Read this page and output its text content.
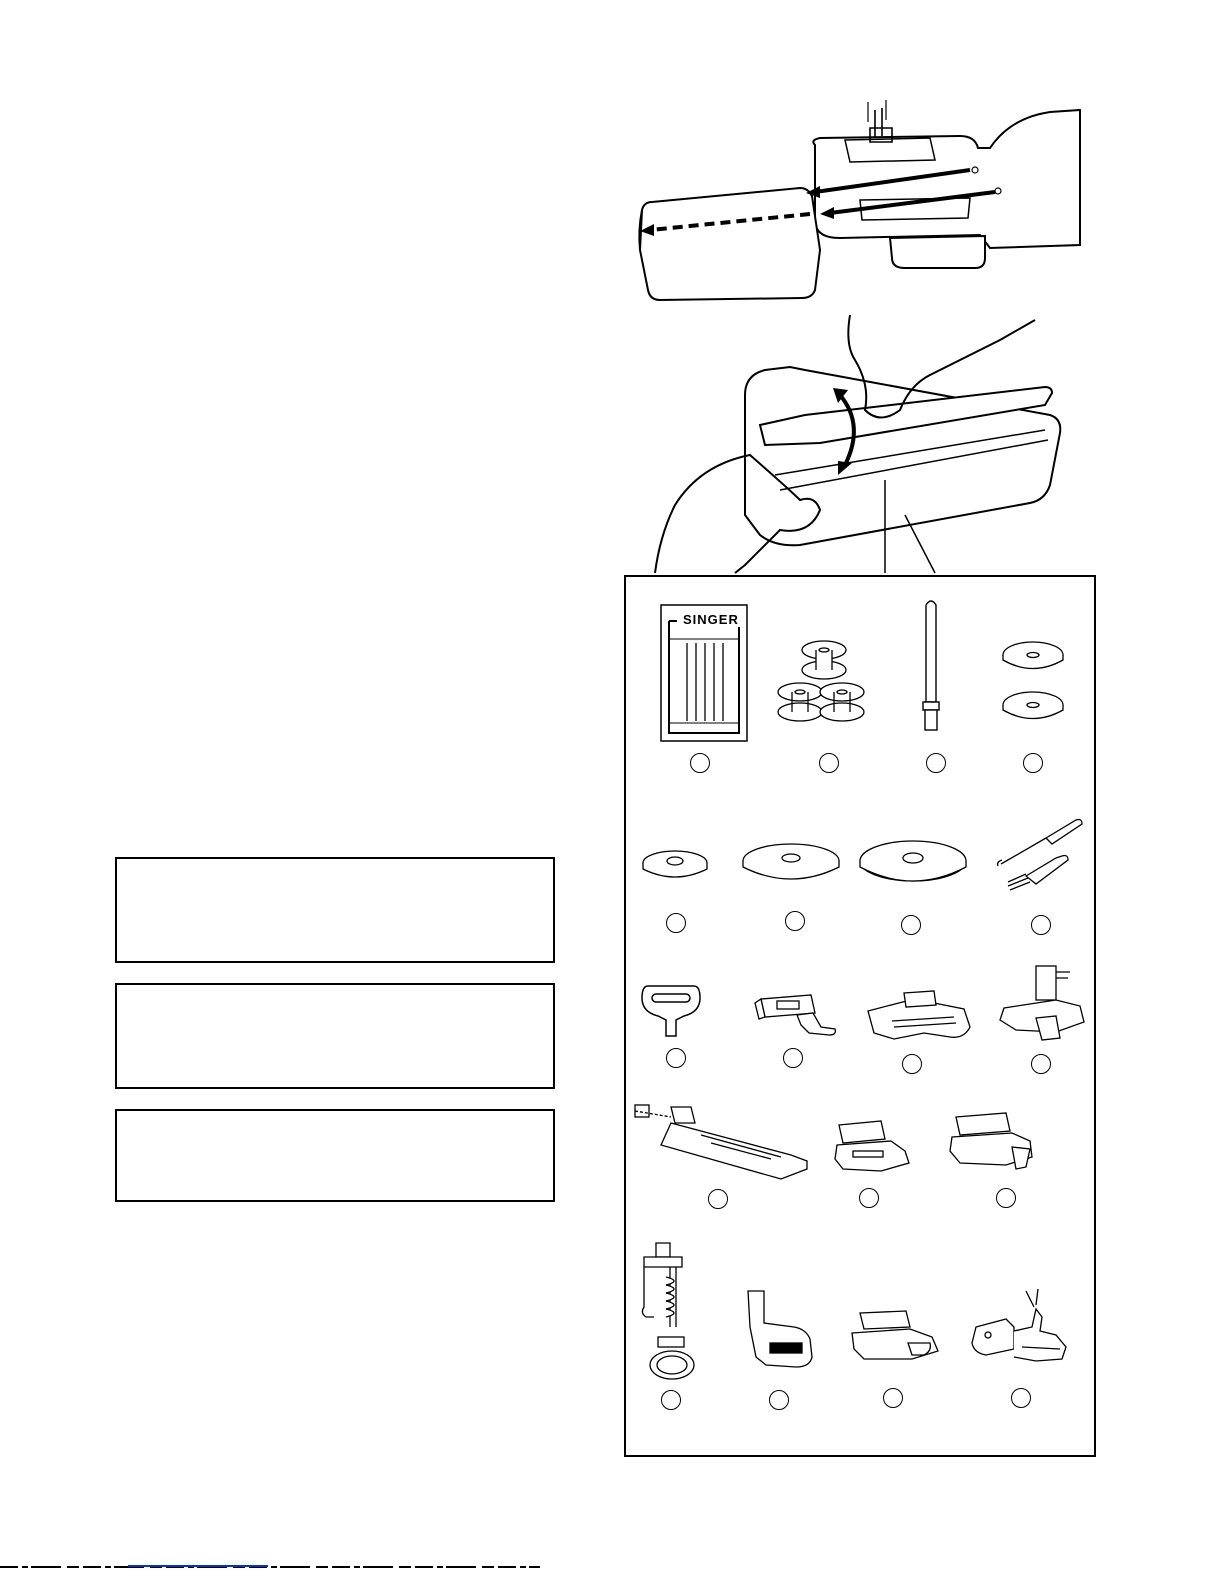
SINGER
